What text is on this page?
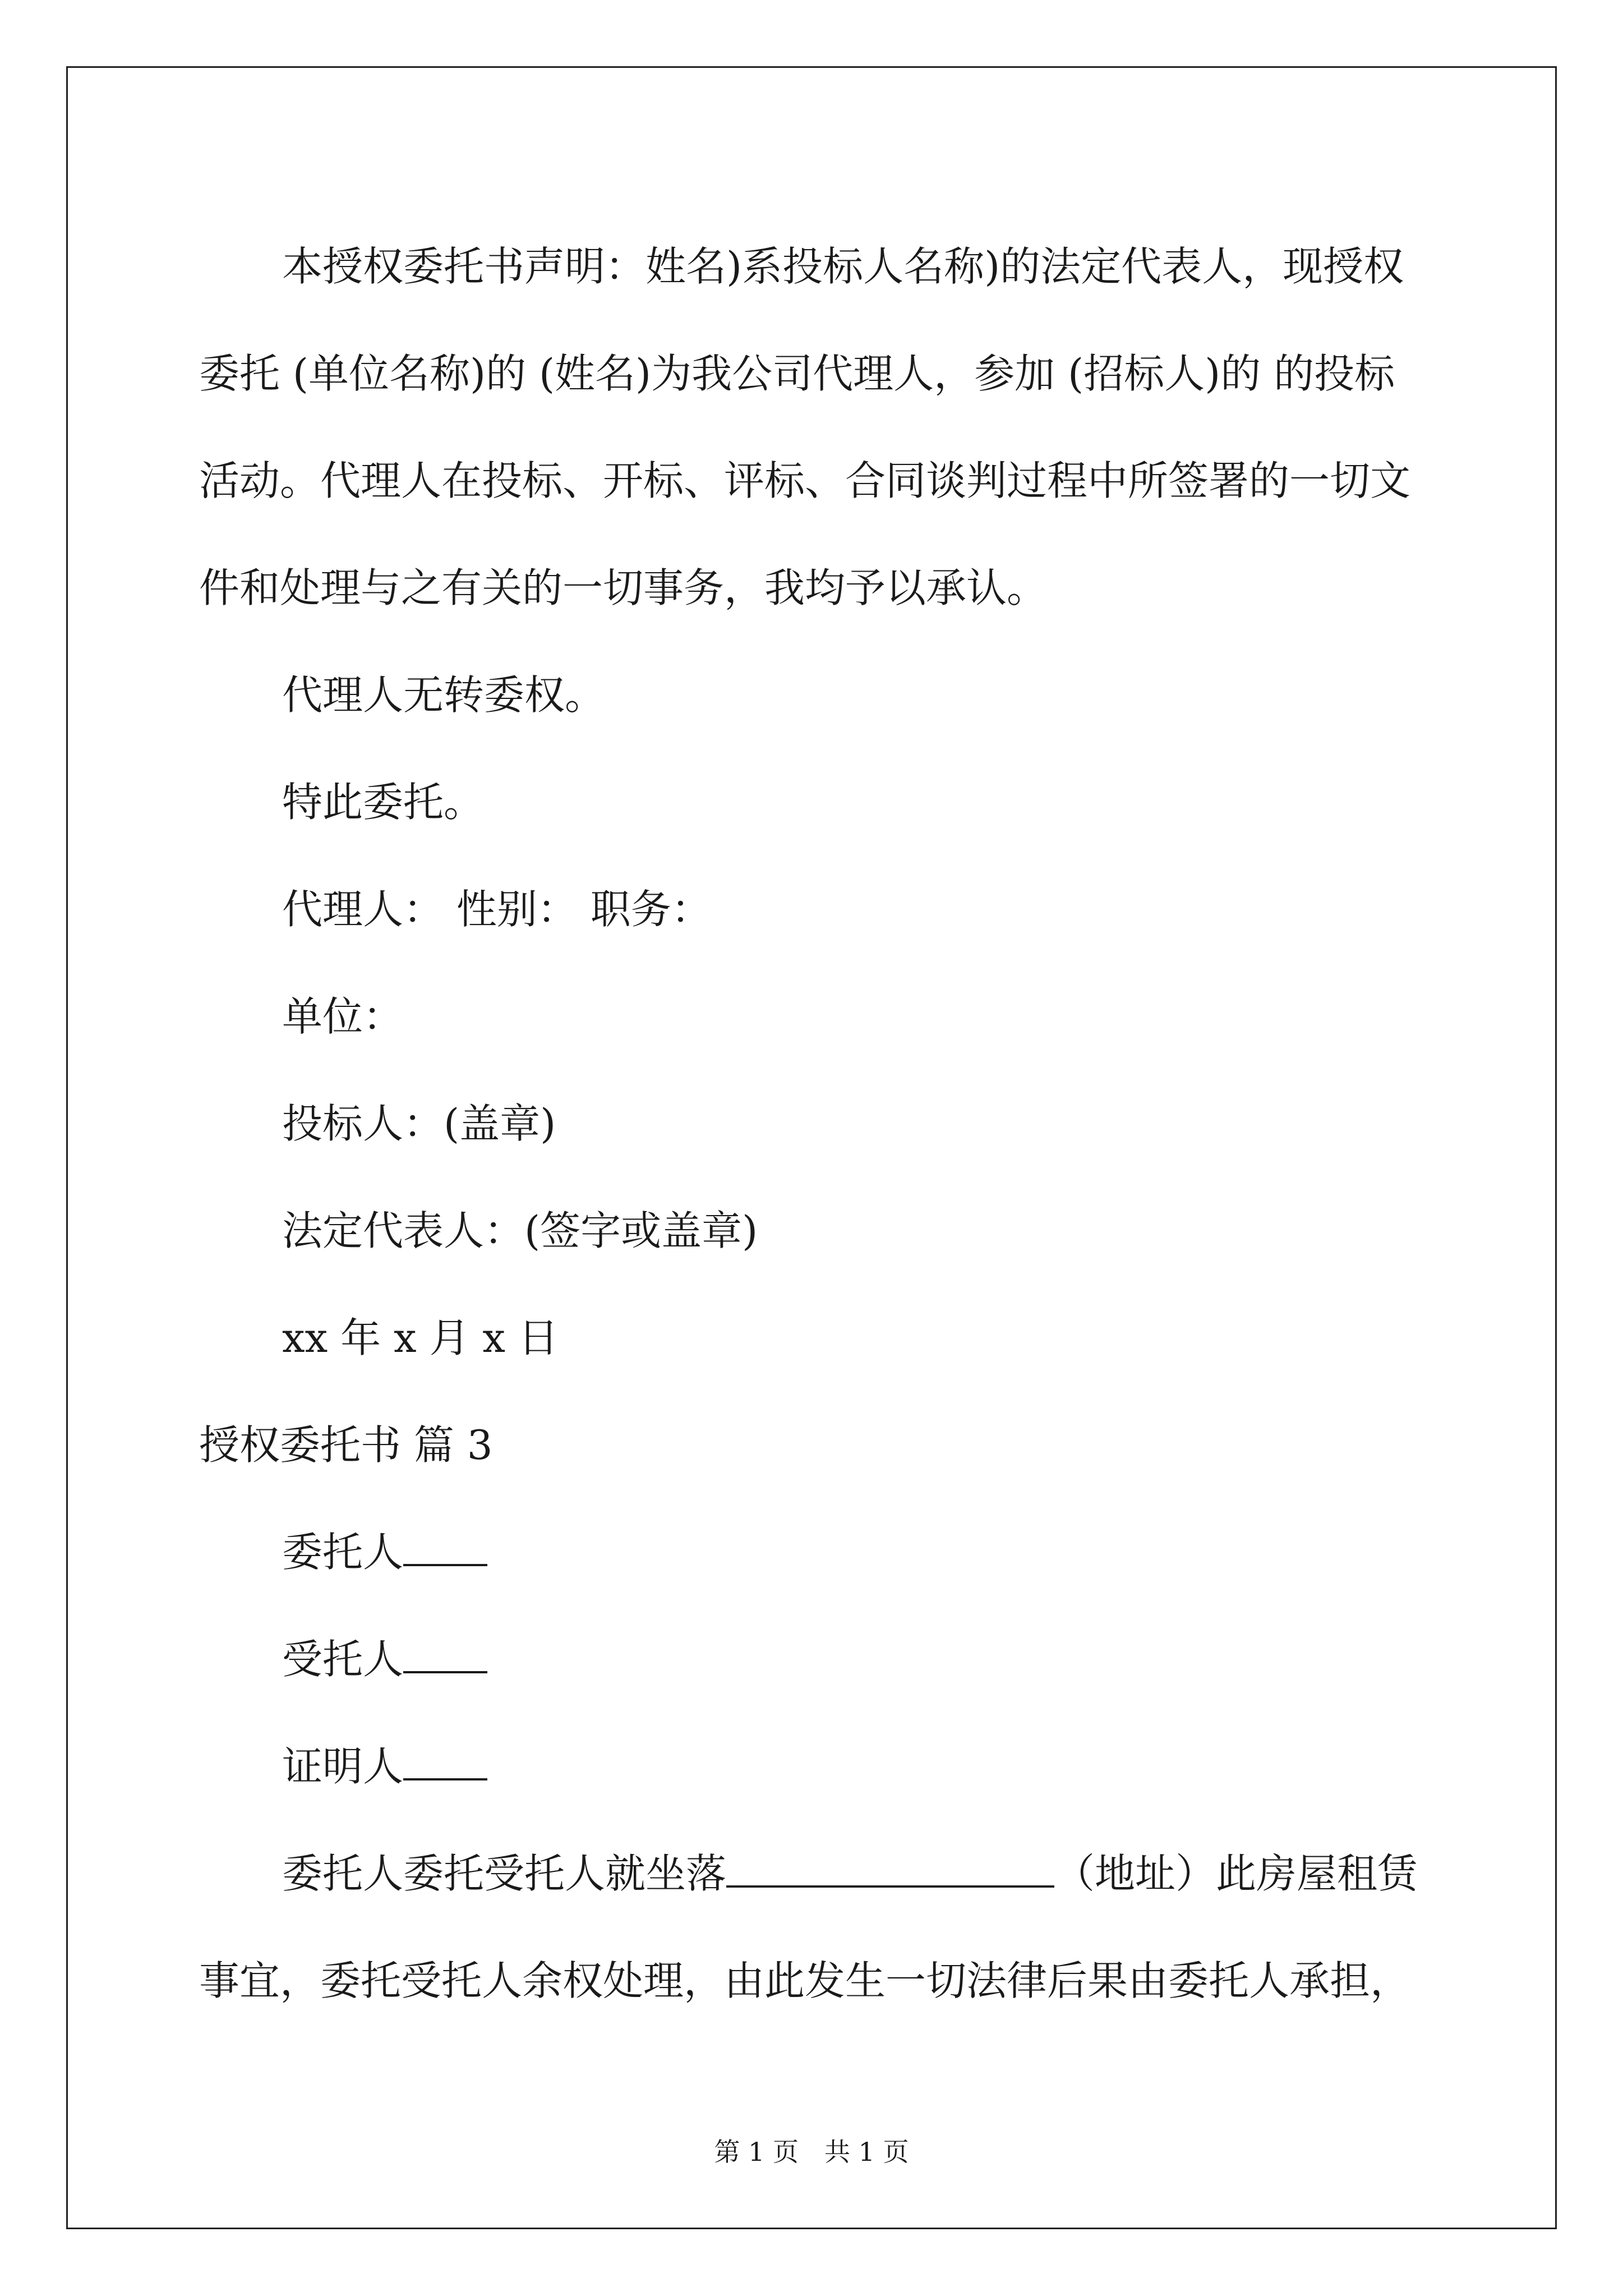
本授权委托书声明：姓名)系投标人名称)的法定代表人，现授权委托 (单位名称)的 (姓名)为我公司代理人，参加 (招标人)的 的投标活动。代理人在投标、开标、评标、合同谈判过程中所签署的一切文件和处理与之有关的一切事务，我均予以承认。

代理人无转委权。

特此委托。

代理人： 性别： 职务：

单位：

投标人：(盖章)

法定代表人：(签字或盖章)

xx 年 x 月 x 日

授权委托书 篇 3

委托人

受托人

证明人

委托人委托受托人就坐落	（地址）此房屋租赁事宜，委托受托人余权处理，由此发生一切法律后果由委托人承担，

第 1 页　共 1 页
